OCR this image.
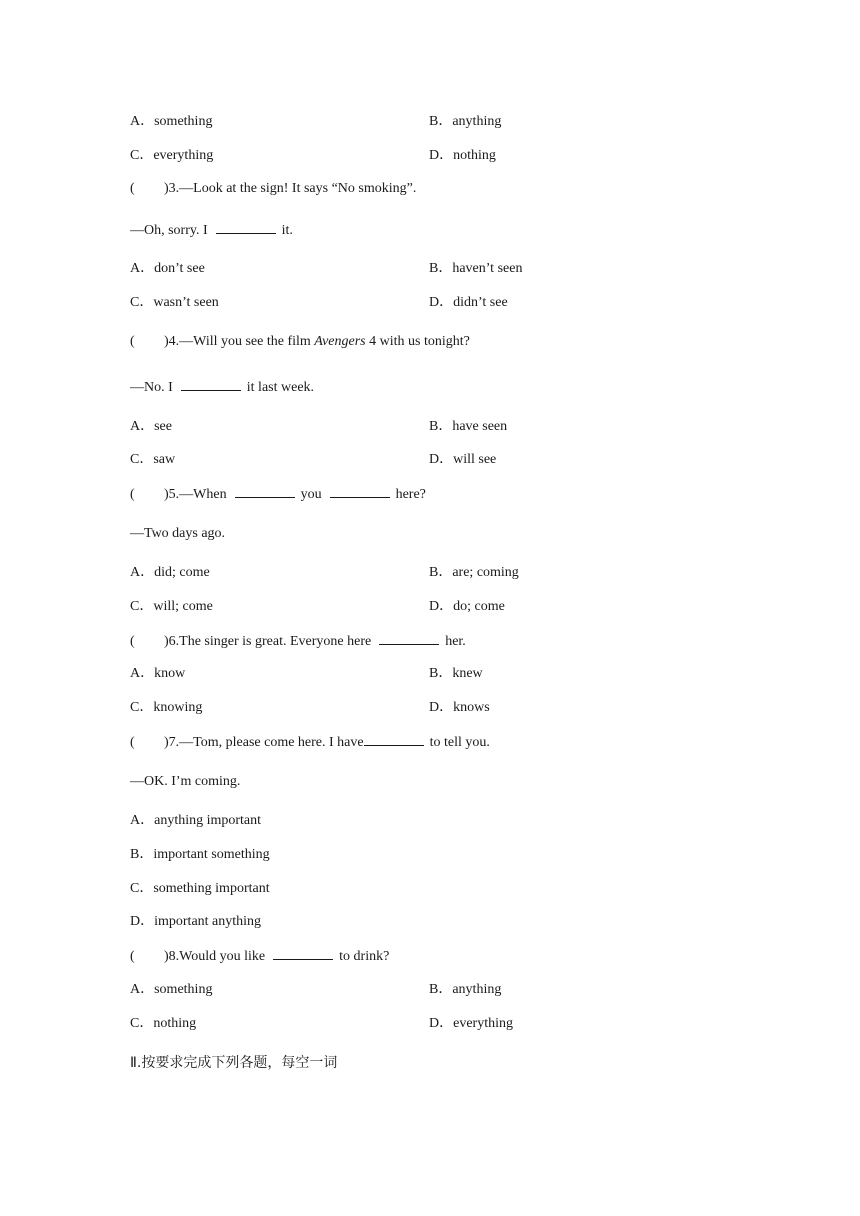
A．something	B．anything
C．everything	D．nothing
( )3.—Look at the sign! It says “No smoking”.
—Oh, sorry. I	it.
A．don’t see	B．haven’t seen
C．wasn’t seen	D．didn’t see
( )4.—Will you see the film Avengers 4 with us tonight?
—No. I	it last week.
A．see	B．have seen
C．saw	D．will see
( )5.—When	you	here?
—Two days ago.
A．did; come	B．are; coming
C．will; come	D．do; come
( )6.The singer is great. Everyone here	her.
A．know	B．knew
C．knowing	D．knows
( )7.—Tom, please come here. I have	to tell you.
—OK. I’m coming.
A．anything important
B．important something
C．something important
D．important anything
( )8.Would you like	to drink?
A．something	B．anything
C．nothing	D．everything
Ⅱ.按要求完成下列各题，每空一词
